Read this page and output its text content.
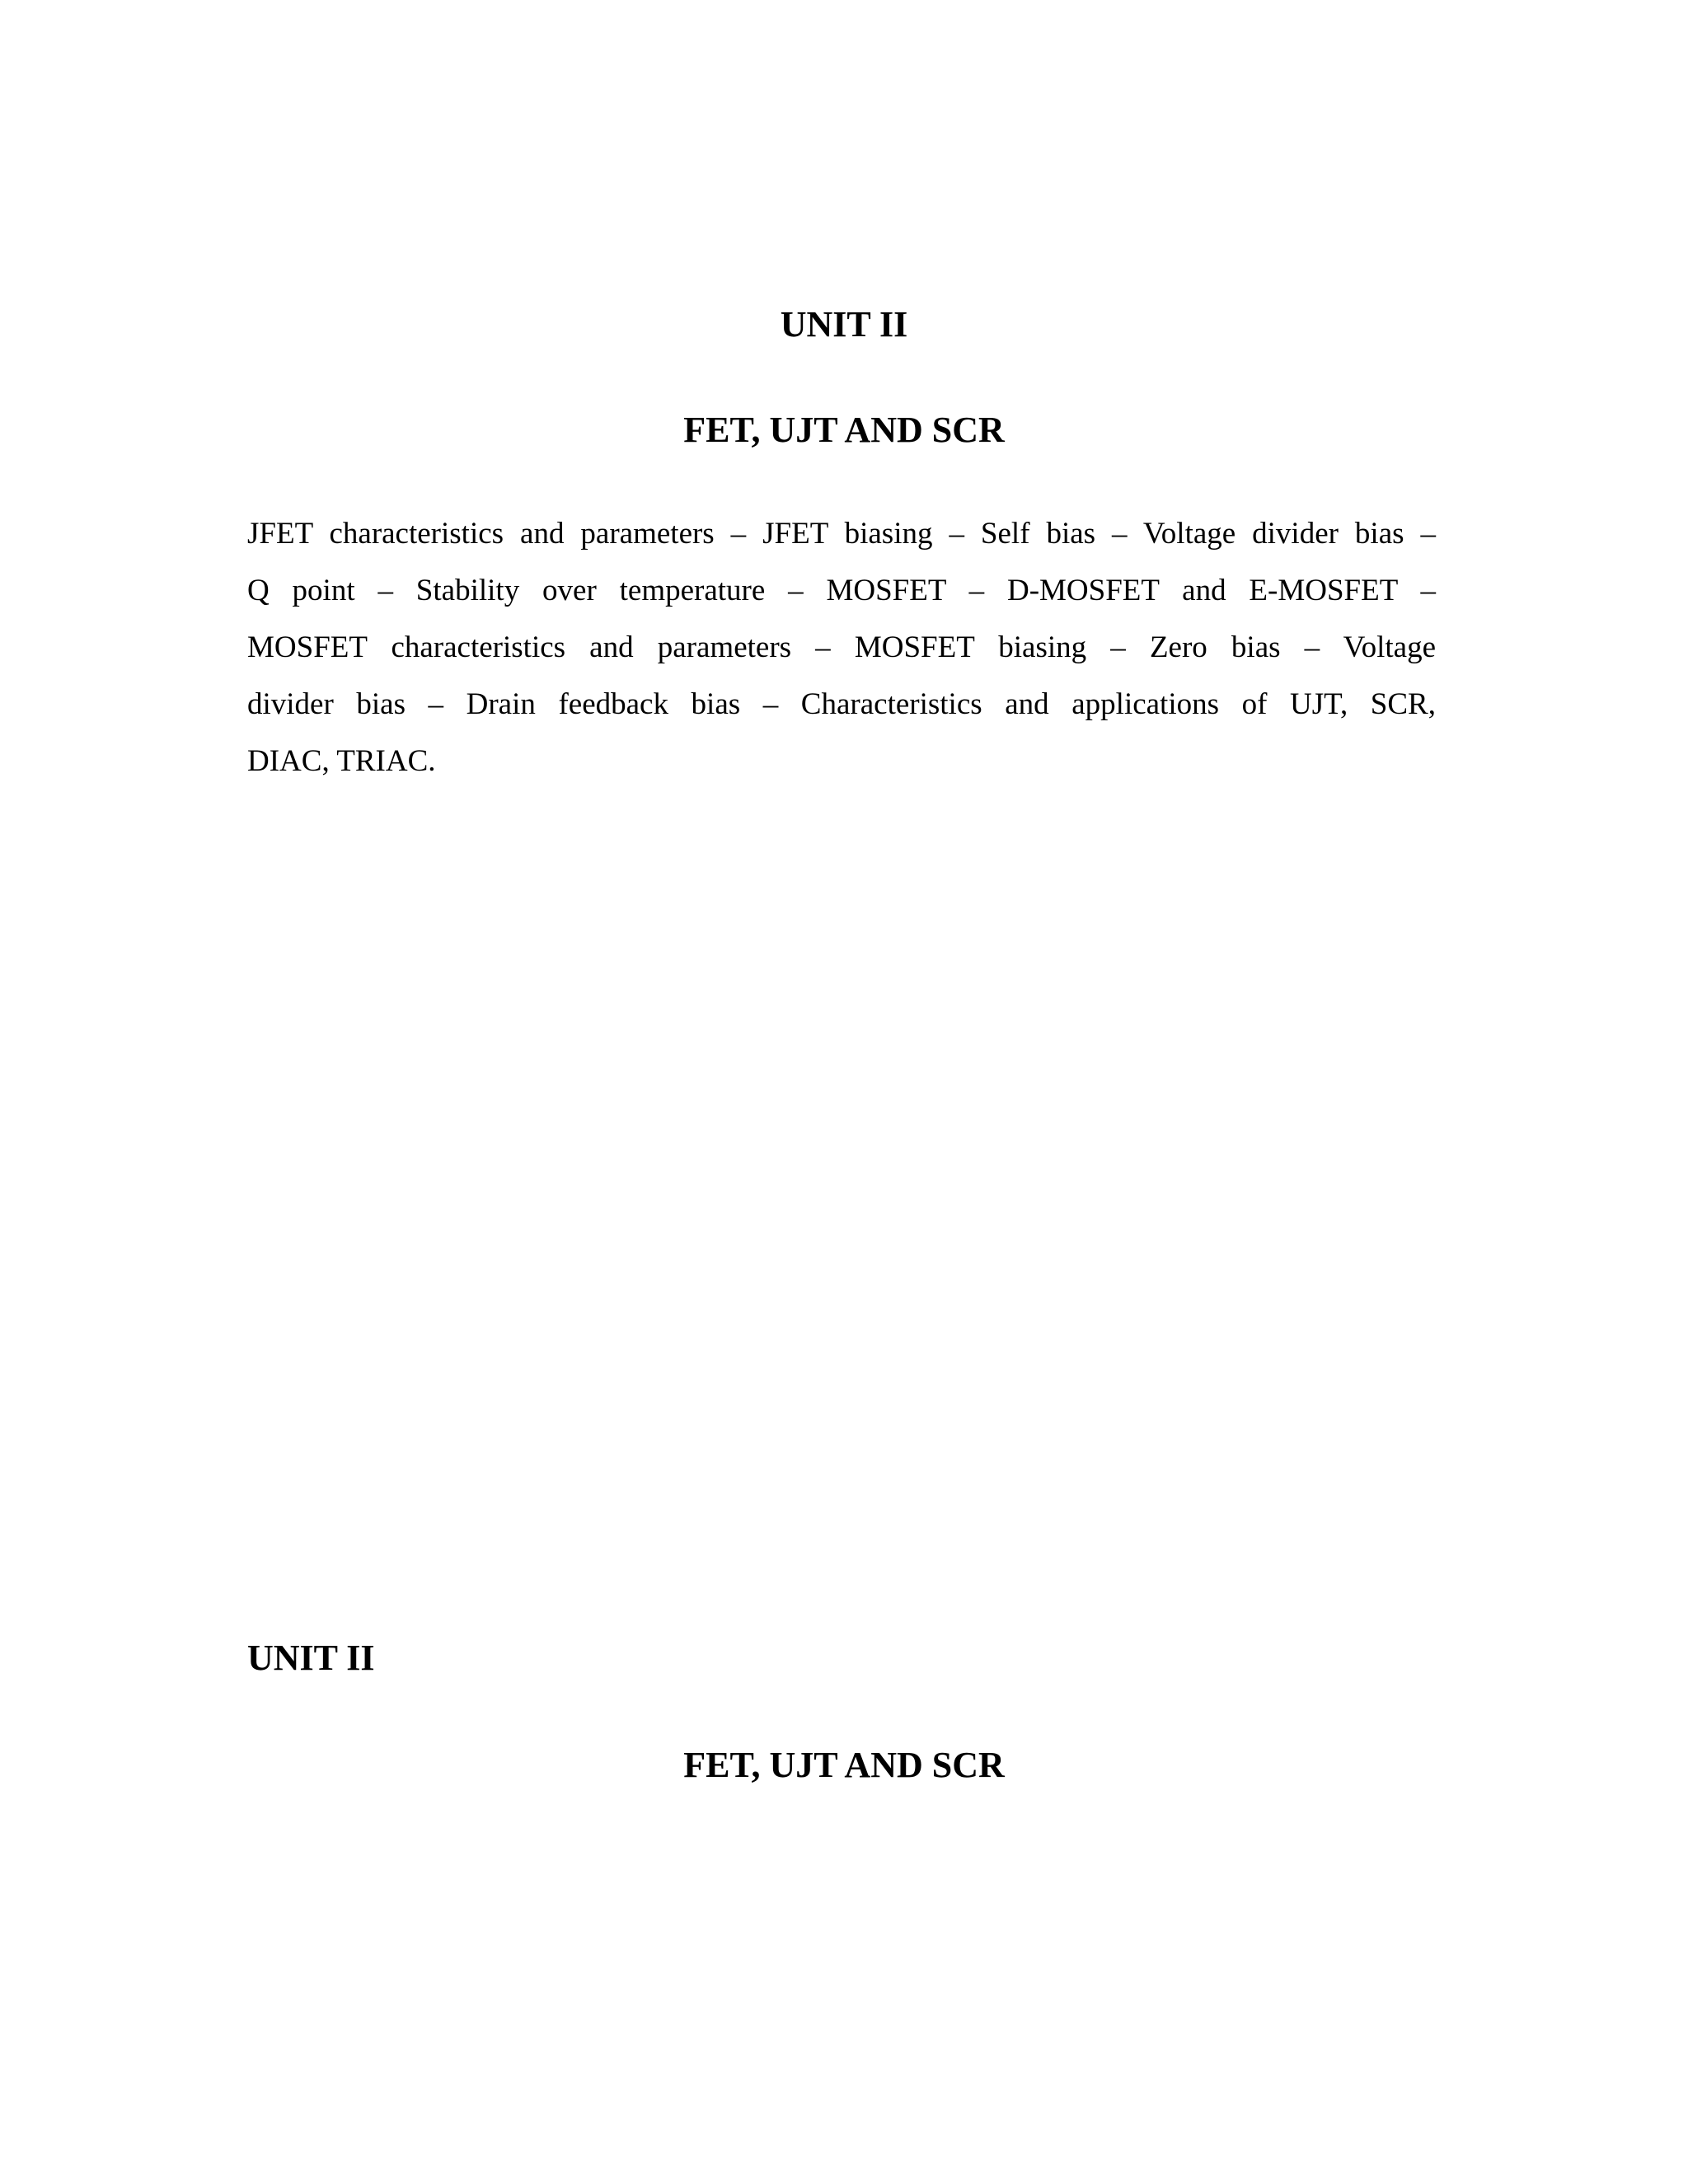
UNIT II
FET, UJT AND SCR

JFET characteristics and parameters – JFET biasing – Self bias – Voltage divider bias –
Q point – Stability over temperature – MOSFET – D-MOSFET and E-MOSFET –
MOSFET characteristics and parameters – MOSFET biasing – Zero bias – Voltage
divider bias – Drain feedback bias – Characteristics and applications of UJT, SCR,
DIAC, TRIAC.

UNIT II
FET, UJT AND SCR
